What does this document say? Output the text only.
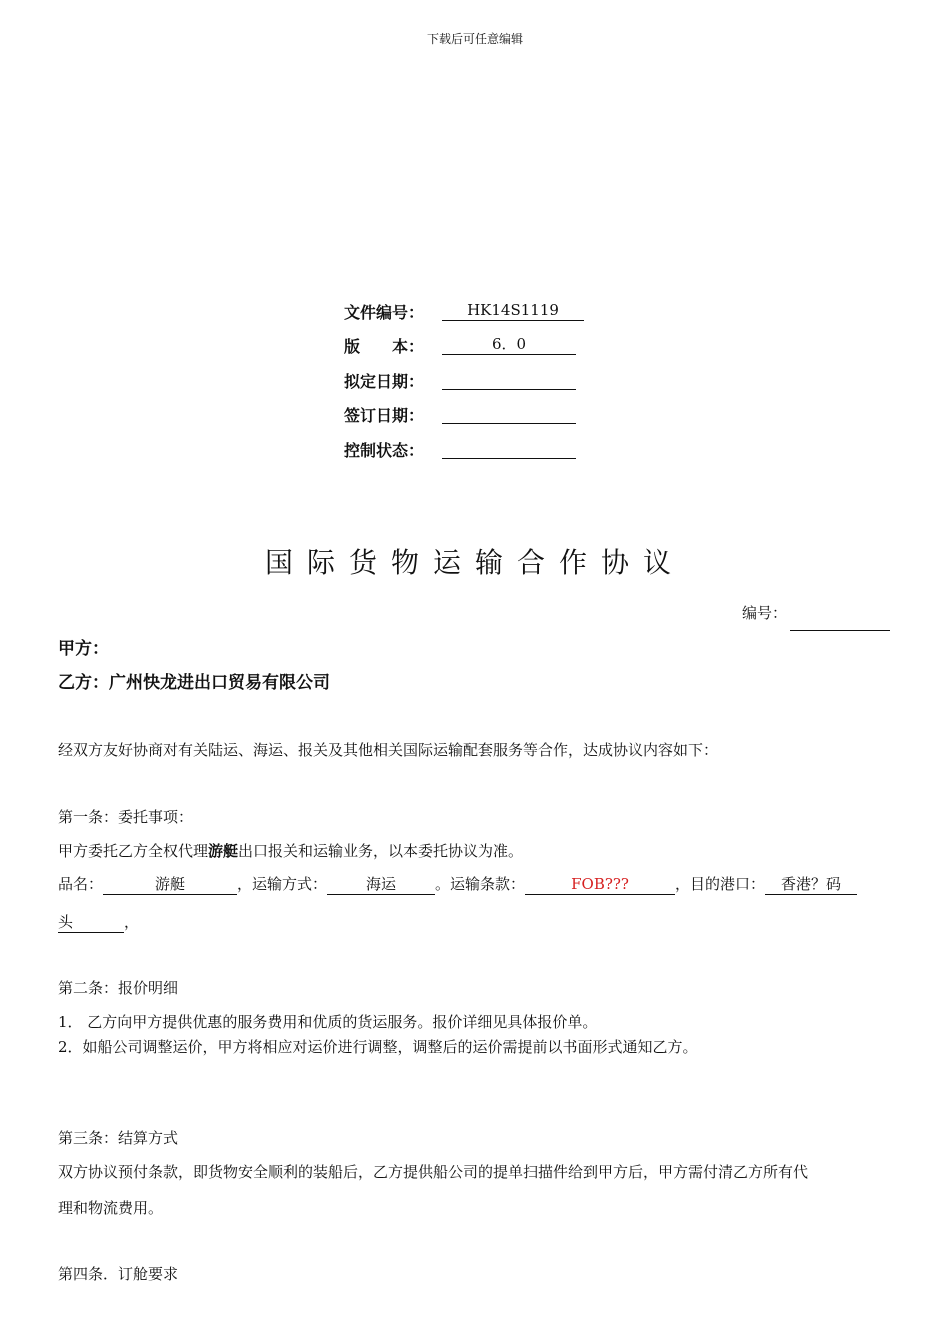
下载后可任意编辑
文件编号：	HK14S1119
版　　本：	6．0
拟定日期：
签订日期：
控制状态：
国际货物运输合作协议
编号：
甲方：
乙方：广州快龙进出口贸易有限公司
经双方友好协商对有关陆运、海运、报关及其他相关国际运输配套服务等合作，达成协议内容如下：
第一条：委托事项：
甲方委托乙方全权代理游艇出口报关和运输业务，以本委托协议为准。
品名：	游艇	，运输方式：	海运	。运输条款：	FOB???	，目的港口： 香港？码
头	，
第二条：报价明细
1． 乙方向甲方提供优惠的服务费用和优质的货运服务。报价详细见具体报价单。
2．如船公司调整运价，甲方将相应对运价进行调整，调整后的运价需提前以书面形式通知乙方。
第三条：结算方式
双方协议预付条款，即货物安全顺利的装船后，乙方提供船公司的提单扫描件给到甲方后，甲方需付清乙方所有代
理和物流费用。
第四条．订舱要求
